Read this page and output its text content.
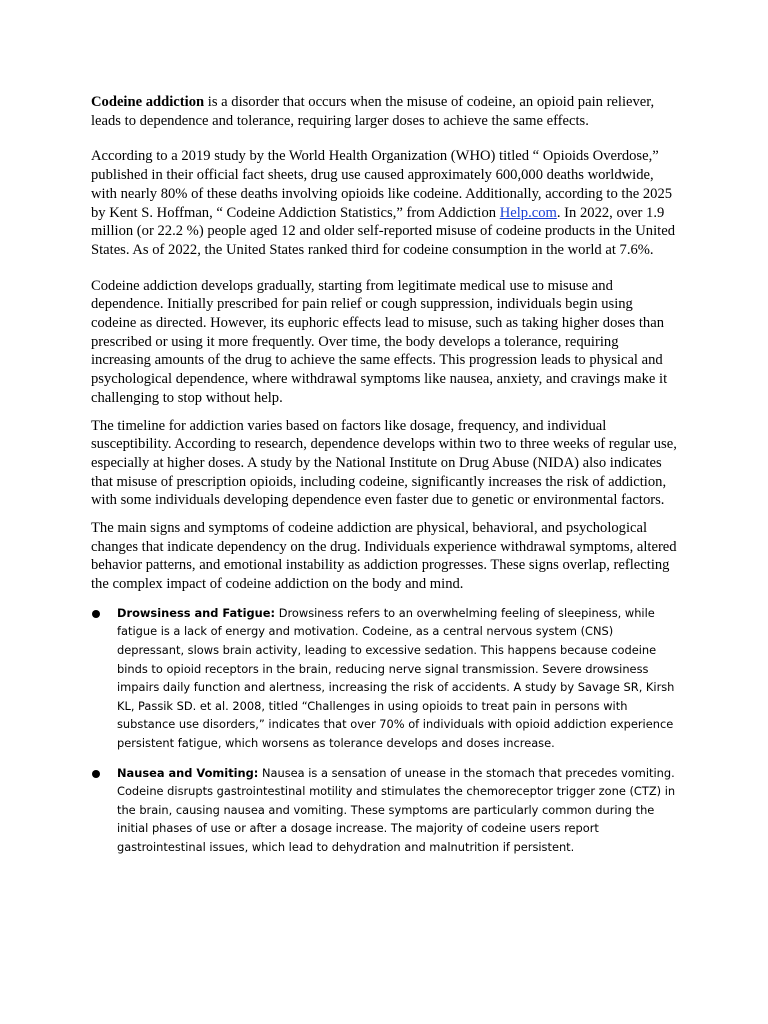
Codeine addiction is a disorder that occurs when the misuse of codeine, an opioid pain reliever, leads to dependence and tolerance, requiring larger doses to achieve the same effects.

According to a 2019 study by the World Health Organization (WHO) titled “ Opioids Overdose,” published in their official fact sheets, drug use caused approximately 600,000 deaths worldwide, with nearly 80% of these deaths involving opioids like codeine. Additionally, according to the 2025 by Kent S. Hoffman, “ Codeine Addiction Statistics,” from Addiction Help.com. In 2022, over 1.9 million (or 22.2 %) people aged 12 and older self-reported misuse of codeine products in the United States. As of 2022, the United States ranked third for codeine consumption in the world at 7.6%.

Codeine addiction develops gradually, starting from legitimate medical use to misuse and dependence. Initially prescribed for pain relief or cough suppression, individuals begin using codeine as directed. However, its euphoric effects lead to misuse, such as taking higher doses than prescribed or using it more frequently. Over time, the body develops a tolerance, requiring increasing amounts of the drug to achieve the same effects. This progression leads to physical and psychological dependence, where withdrawal symptoms like nausea, anxiety, and cravings make it challenging to stop without help.

The timeline for addiction varies based on factors like dosage, frequency, and individual susceptibility. According to research, dependence develops within two to three weeks of regular use, especially at higher doses. A study by the National Institute on Drug Abuse (NIDA) also indicates that misuse of prescription opioids, including codeine, significantly increases the risk of addiction, with some individuals developing dependence even faster due to genetic or environmental factors.

The main signs and symptoms of codeine addiction are physical, behavioral, and psychological changes that indicate dependency on the drug. Individuals experience withdrawal symptoms, altered behavior patterns, and emotional instability as addiction progresses. These signs overlap, reflecting the complex impact of codeine addiction on the body and mind.

Drowsiness and Fatigue: Drowsiness refers to an overwhelming feeling of sleepiness, while fatigue is a lack of energy and motivation. Codeine, as a central nervous system (CNS) depressant, slows brain activity, leading to excessive sedation. This happens because codeine binds to opioid receptors in the brain, reducing nerve signal transmission. Severe drowsiness impairs daily function and alertness, increasing the risk of accidents. A study by Savage SR, Kirsh KL, Passik SD. et al. 2008, titled “Challenges in using opioids to treat pain in persons with substance use disorders,” indicates that over 70% of individuals with opioid addiction experience persistent fatigue, which worsens as tolerance develops and doses increase.
Nausea and Vomiting: Nausea is a sensation of unease in the stomach that precedes vomiting. Codeine disrupts gastrointestinal motility and stimulates the chemoreceptor trigger zone (CTZ) in the brain, causing nausea and vomiting. These symptoms are particularly common during the initial phases of use or after a dosage increase. The majority of codeine users report gastrointestinal issues, which lead to dehydration and malnutrition if persistent.
